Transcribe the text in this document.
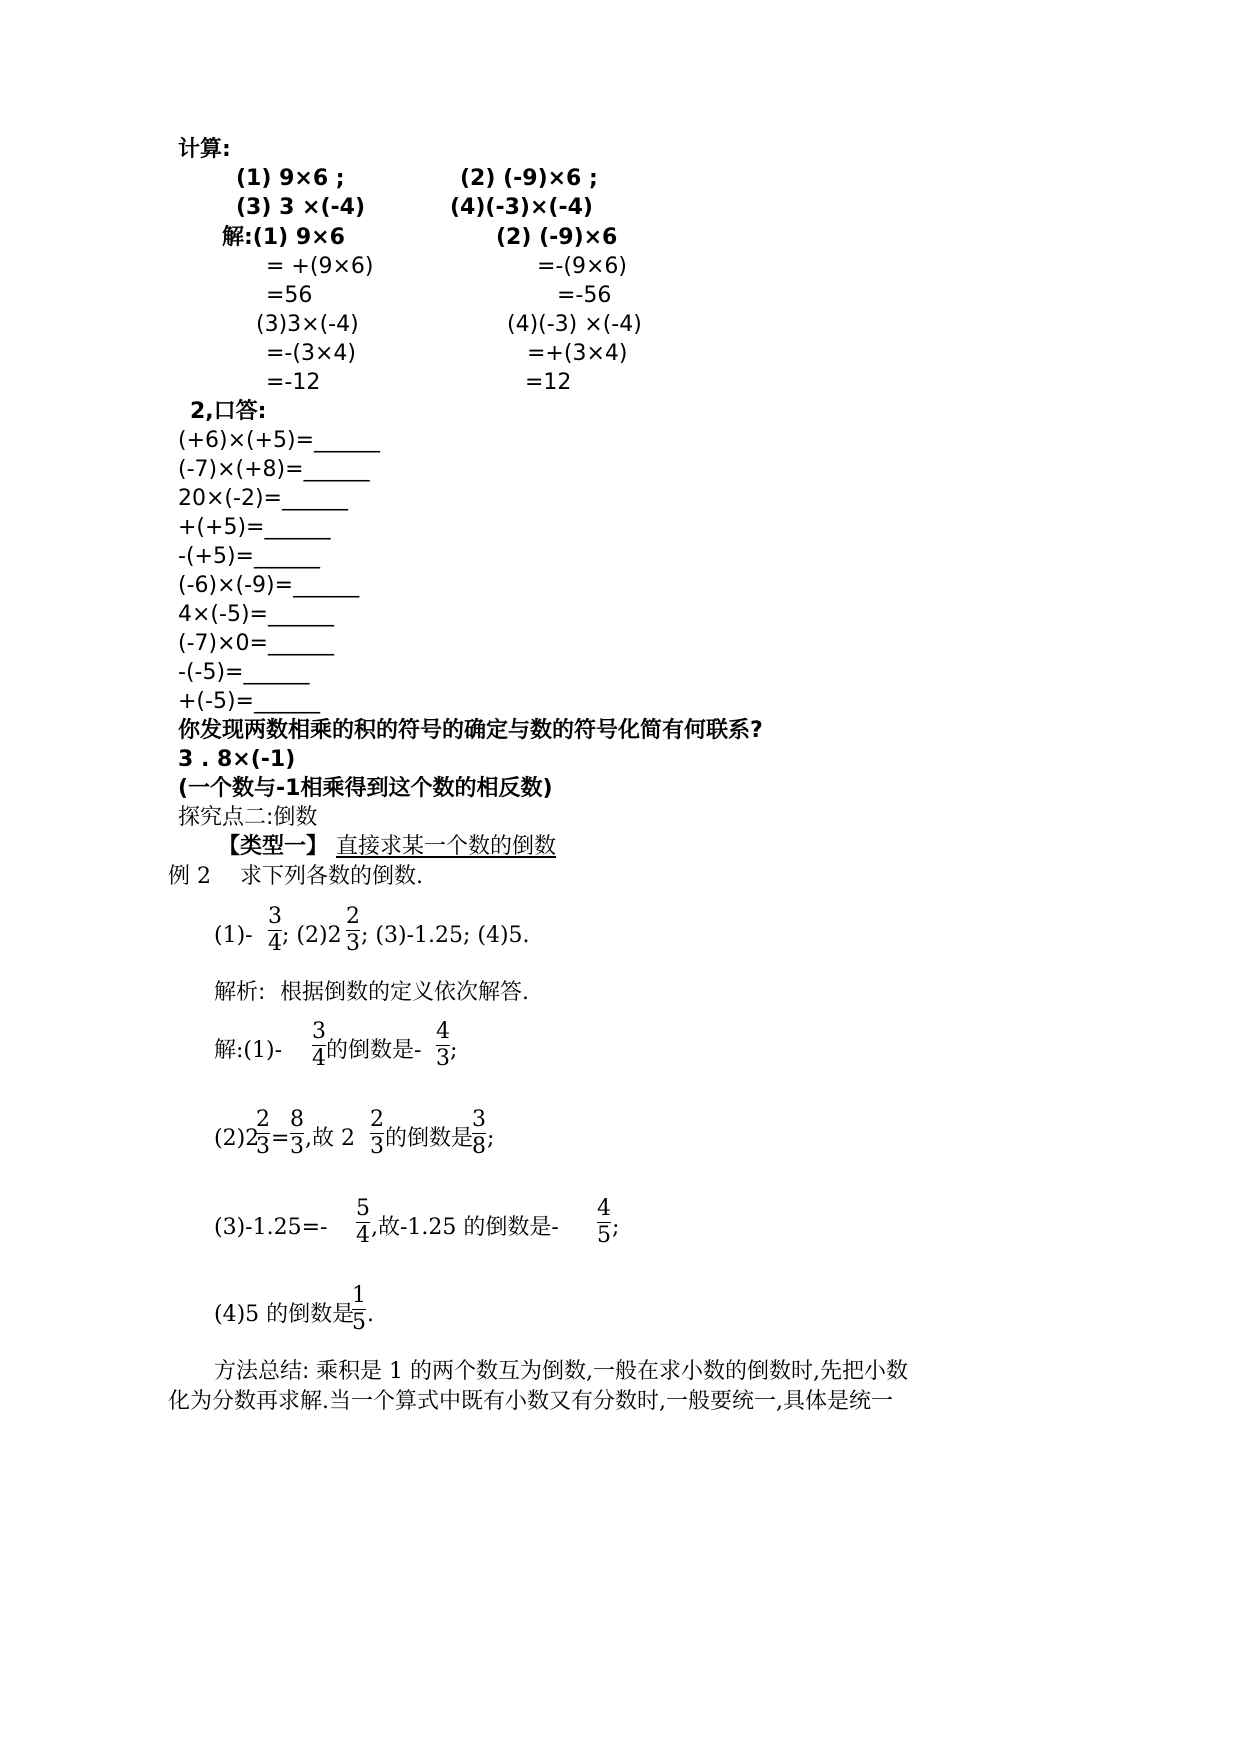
计算:
(1) 9×6 ;	(2) (-9)×6 ;
(3) 3 ×(-4)	(4)(-3)×(-4)
解:(1) 9×6	(2) (-9)×6
= +(9×6)	=-(9×6)
=56	=-56
(3)3×(-4)	(4)(-3) ×(-4)
=-(3×4)	=+(3×4)
=-12	=12
2,口答:
(+6)×(+5)=______
(-7)×(+8)=______
20×(-2)=______
+(+5)=______
-(+5)=______
(-6)×(-9)=______
4×(-5)=______
(-7)×0=______
-(-5)=______
+(-5)=______
你发现两数相乘的积的符号的确定与数的符号化简有何联系?
3 . 8×(-1)
(一个数与-1相乘得到这个数的相反数)
探究点二:倒数
【类型一】 直接求某一个数的倒数
例 2 求下列各数的倒数.
(1)-
3
4 ; (2)2
2
3 ; (3)-1.25; (4)5.
解析: 根据倒数的定义依次解答.
解:(1)-
3
4 的倒数是-
4
3 ;
(2)2
2
3 =
8
3 ,故 2
2
3 的倒数是
3
8 ;
(3)-1.25=-
5
4 ,故-1.25 的倒数是-
4
5 ;
(4)5 的倒数是
1
5 .
方法总结: 乘积是 1 的两个数互为倒数,一般在求小数的倒数时,先把小数
化为分数再求解.当一个算式中既有小数又有分数时,一般要统一,具体是统一
